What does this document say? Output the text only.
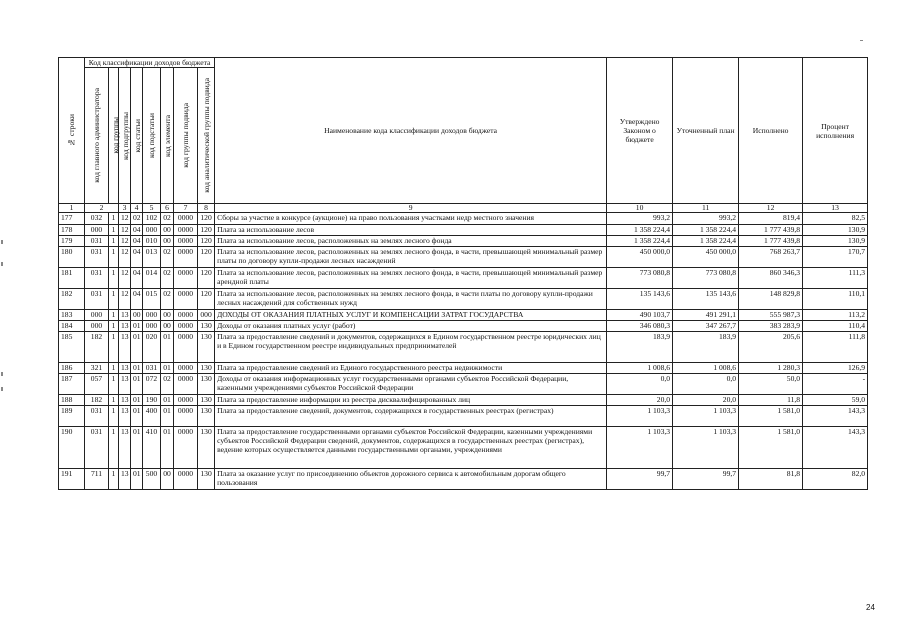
№ строки	Код классификации доходов бюджета								Наименование кода классификации доходов бюджета	Утверждено Законом о бюджете	Уточненный план	Исполнено	Процент исполнения

	код главного администратора	код группы	код подгруппы	код статьи	код подстатьи	код элемента	код группы подвида	код аналитической группы подвида					

1	2		3	4	5	6	7	8	9	10	11	12	13
177	032	1	12	02	102	02	0000	120	Сборы за участие в конкурсе (аукционе) на право пользования участками недр местного значения	993,2	993,2	819,4	82,5
178	000	1	12	04	000	00	0000	120	Плата за использование лесов	1 358 224,4	1 358 224,4	1 777 439,8	130,9
179	031	1	12	04	010	00	0000	120	Плата за использование лесов, расположенных на землях лесного фонда	1 358 224,4	1 358 224,4	1 777 439,8	130,9
180	031	1	12	04	013	02	0000	120	Плата за использование лесов, расположенных на землях лесного фонда, в части, превышающей минимальный размер платы по договору купли-продажи лесных насаждений	450 000,0	450 000,0	768 263,7	170,7
181	031	1	12	04	014	02	0000	120	Плата за использование лесов, расположенных на землях лесного фонда, в части, превышающей минимальный размер арендной платы	773 080,8	773 080,8	860 346,3	111,3
182	031	1	12	04	015	02	0000	120	Плата за использование лесов, расположенных на землях лесного фонда, в части платы по договору купли-продажи лесных насаждений для собственных нужд	135 143,6	135 143,6	148 829,8	110,1
183	000	1	13	00	000	00	0000	000	ДОХОДЫ ОТ ОКАЗАНИЯ ПЛАТНЫХ УСЛУГ И КОМПЕНСАЦИИ ЗАТРАТ ГОСУДАРСТВА	490 103,7	491 291,1	555 987,3	113,2
184	000	1	13	01	000	00	0000	130	Доходы от оказания платных услуг (работ)	346 080,3	347 267,7	383 283,9	110,4
185	182	1	13	01	020	01	0000	130	Плата за предоставление сведений и документов, содержащихся в Едином государственном реестре юридических лиц и в Едином государственном реестре индивидуальных предпринимателей	183,9	183,9	205,6	111,8
186	321	1	13	01	031	01	0000	130	Плата за предоставление сведений из Единого государственного реестра недвижимости	1 008,6	1 008,6	1 280,3	126,9
187	057	1	13	01	072	02	0000	130	Доходы от оказания информационных услуг государственными органами субъектов Российской Федерации, казенными учреждениями субъектов Российской Федерации	0,0	0,0	50,0	-
188	182	1	13	01	190	01	0000	130	Плата за предоставление информации из реестра дисквалифицированных лиц	20,0	20,0	11,8	59,0
189	031	1	13	01	400	01	0000	130	Плата за предоставление сведений, документов, содержащихся в государственных реестрах (регистрах)	1 103,3	1 103,3	1 581,0	143,3
190	031	1	13	01	410	01	0000	130	Плата за предоставление государственными органами субъектов Российской Федерации, казенными учреждениями субъектов Российской Федерации сведений, документов, содержащихся в государственных реестрах (регистрах), ведение которых осуществляется данными государственными органами, учреждениями	1 103,3	1 103,3	1 581,0	143,3
191	711	1	13	01	500	00	0000	130	Плата за оказание услуг по присоединению объектов дорожного сервиса к автомобильным дорогам общего пользования	99,7	99,7	81,8	82,0
24
